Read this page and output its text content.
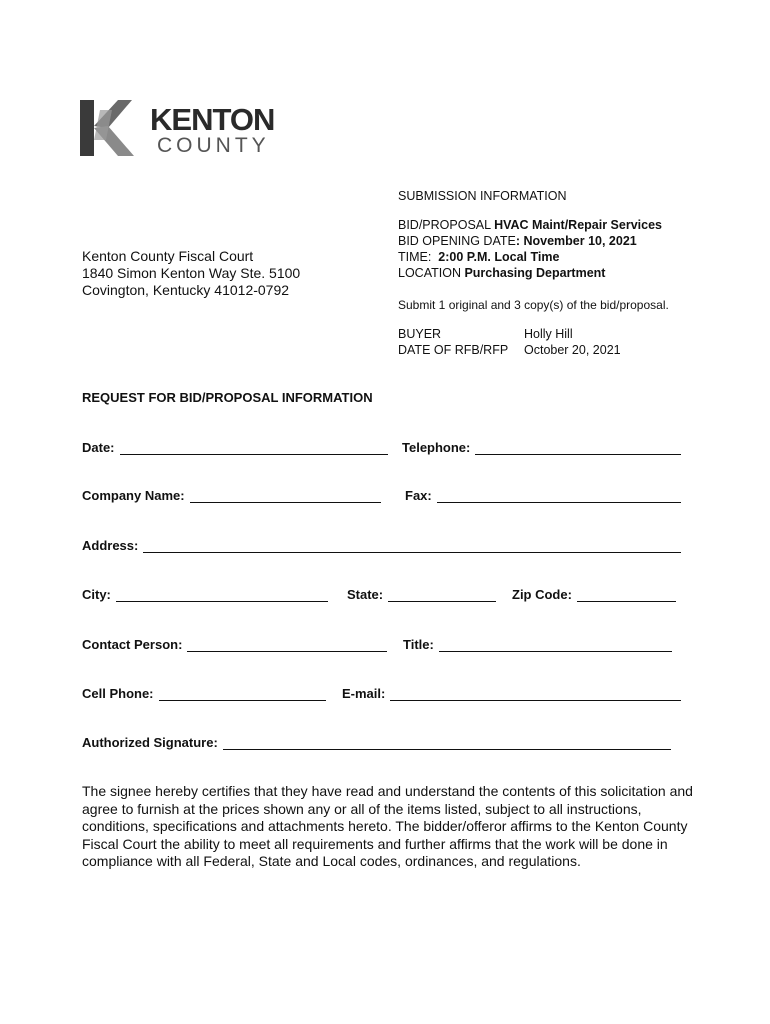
KENTON
COUNTY
SUBMISSION INFORMATION
BID/PROPOSAL HVAC Maint/Repair Services
BID OPENING DATE: November 10, 2021
TIME: 2:00 P.M. Local Time
LOCATION Purchasing Department
Submit 1 original and 3 copy(s) of the bid/proposal.
BUYER	Holly Hill
DATE OF RFB/RFP October 20, 2021
Kenton County Fiscal Court
1840 Simon Kenton Way Ste. 5100
Covington, Kentucky 41012-0792
REQUEST FOR BID/PROPOSAL INFORMATION
Date:	Telephone:
Company Name:	Fax:
Address:
City:	State:	Zip Code:
Contact Person:	Title:
Cell Phone:	E-mail:
Authorized Signature:
The signee hereby certifies that they have read and understand the contents of this solicitation and agree to furnish at the prices shown any or all of the items listed, subject to all instructions, conditions, specifications and attachments hereto. The bidder/offeror affirms to the Kenton County Fiscal Court the ability to meet all requirements and further affirms that the work will be done in compliance with all Federal, State and Local codes, ordinances, and regulations.
